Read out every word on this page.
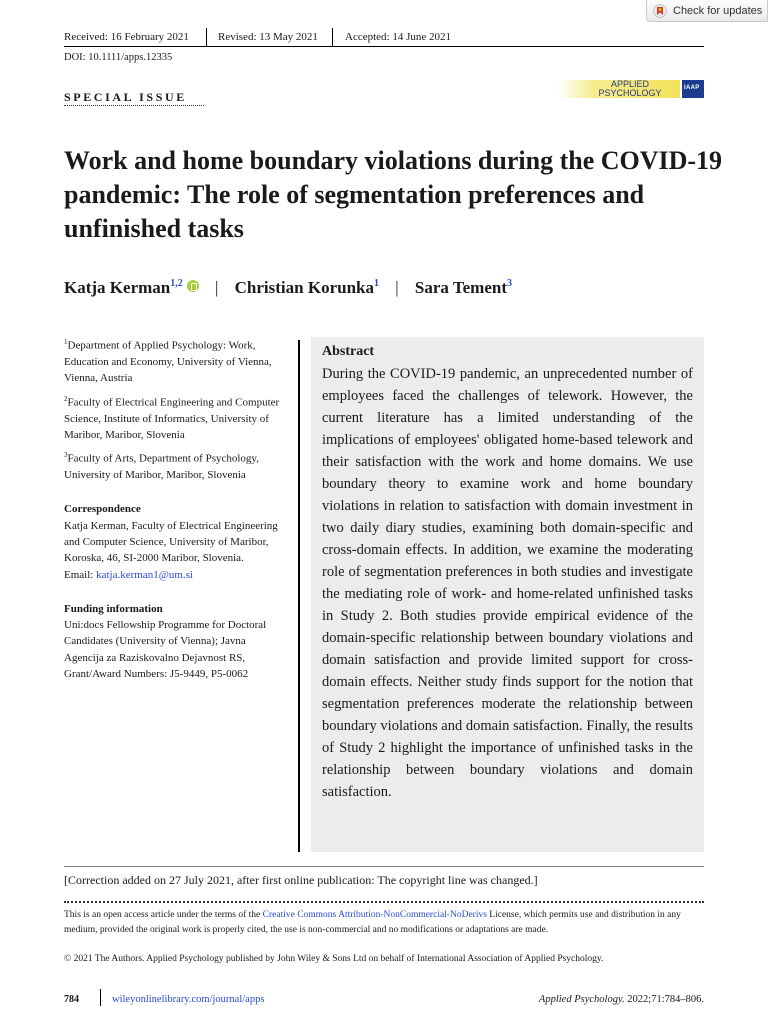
Check for updates
Received: 16 February 2021	Revised: 13 May 2021 Accepted: 14 June 2021
DOI: 10.1111/apps.12335
SPECIAL ISSUE
APPLIED
PSYCHOLOGY	IAAP
Work and home boundary violations during the COVID-19 pandemic: The role of segmentation preferences and unfinished tasks
Katja Kerman$^{1,2}$ | Christian Korunka$^1$ | Sara Tement$^3$
$^1$Department of Applied Psychology: Work, Education and Economy, University of Vienna, Vienna, Austria
$^2$Faculty of Electrical Engineering and Computer Science, Institute of Informatics, University of Maribor, Maribor, Slovenia
$^3$Faculty of Arts, Department of Psychology, University of Maribor, Maribor, Slovenia
Correspondence

Katja Kerman, Faculty of Electrical Engineering and Computer Science, University of Maribor, Koroska, 46, SI-2000 Maribor, Slovenia.

Email: katja.kerman1@um.si

Funding information

Uni:docs Fellowship Programme for Doctoral Candidates (University of Vienna); Javna Agencija za Raziskovalno Dejavnost RS, Grant/Award Numbers: J5-9449, P5-0062

Abstract
During the COVID-19 pandemic, an unprecedented number of employees faced the challenges of telework. However, the current literature has a limited understanding of the implications of employees' obligated home-based telework and their satisfaction with the work and home domains. We use boundary theory to examine work and home boundary violations in relation to satisfaction with domain investment in two daily diary studies, examining both domain-specific and cross-domain effects. In addition, we examine the moderating role of segmentation preferences in both studies and investigate the mediating role of work- and home-related unfinished tasks in Study 2. Both studies provide empirical evidence of the domain-specific relationship between boundary violations and domain satisfaction and provide limited support for cross-domain effects. Neither study finds support for the notion that segmentation preferences moderate the relationship between boundary violations and domain satisfaction. Finally, the results of Study 2 highlight the importance of unfinished tasks in the relationship between boundary violations and domain satisfaction.
[Correction added on 27 July 2021, after first online publication: The copyright line was changed.]
This is an open access article under the terms of the Creative Commons Attribution-NonCommercial-NoDerivs License, which permits use and distribution in any medium, provided the original work is properly cited, the use is non-commercial and no modifications or adaptations are made.
© 2021 The Authors. Applied Psychology published by John Wiley & Sons Ltd on behalf of International Association of Applied Psychology.
784	wileyonlinelibrary.com/journal/apps	Applied Psychology. 2022;71:784–806.
